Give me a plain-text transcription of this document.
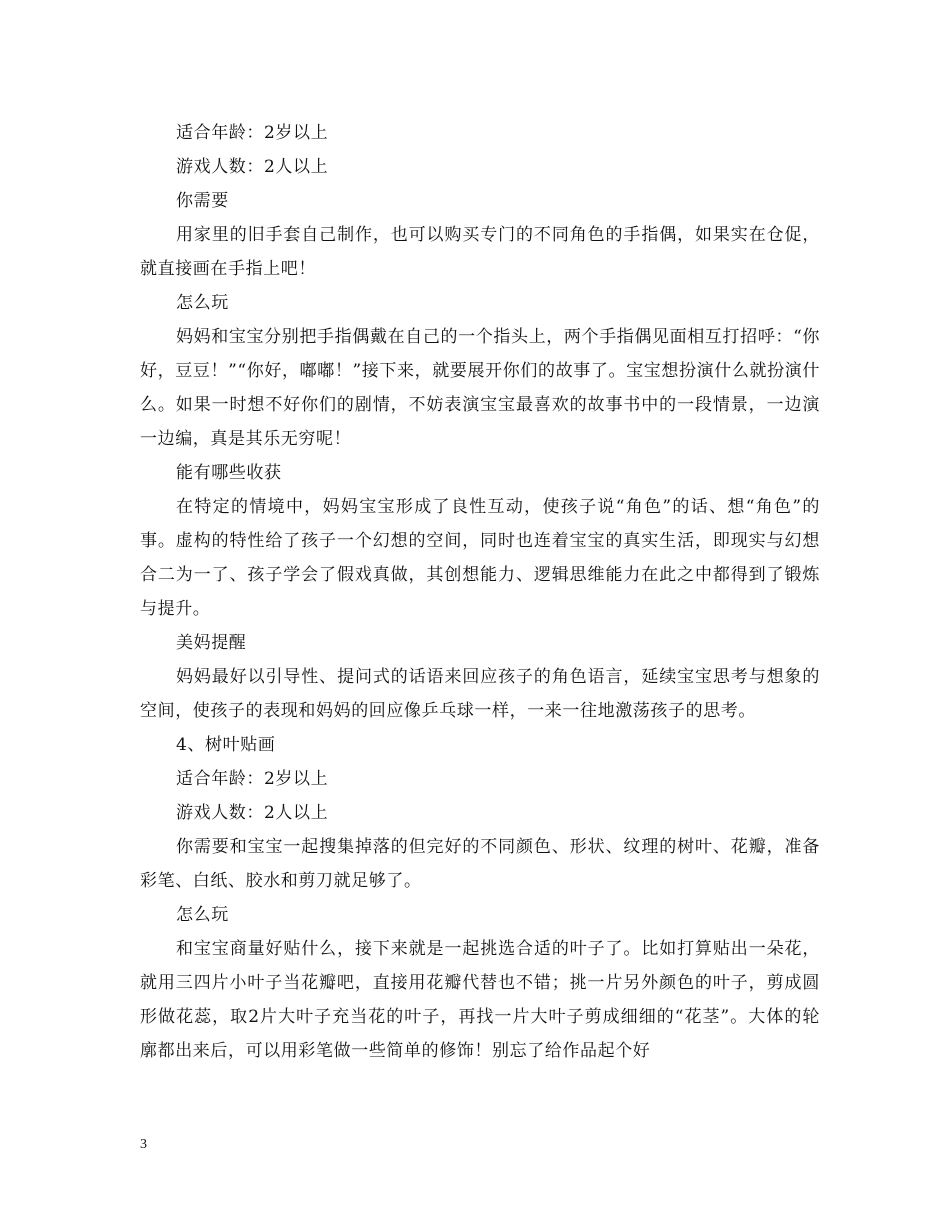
适合年龄：2岁以上

游戏人数：2人以上

你需要

用家里的旧手套自己制作，也可以购买专门的不同角色的手指偶，如果实在仓促，就直接画在手指上吧！

怎么玩

妈妈和宝宝分别把手指偶戴在自己的一个指头上，两个手指偶见面相互打招呼：“你好，豆豆！”“你好，嘟嘟！”接下来，就要展开你们的故事了。宝宝想扮演什么就扮演什么。如果一时想不好你们的剧情，不妨表演宝宝最喜欢的故事书中的一段情景，一边演一边编，真是其乐无穷呢！

能有哪些收获

在特定的情境中，妈妈宝宝形成了良性互动，使孩子说“角色”的话、想“角色”的事。虚构的特性给了孩子一个幻想的空间，同时也连着宝宝的真实生活，即现实与幻想合二为一了、孩子学会了假戏真做，其创想能力、逻辑思维能力在此之中都得到了锻炼与提升。

美妈提醒

妈妈最好以引导性、提问式的话语来回应孩子的角色语言，延续宝宝思考与想象的空间，使孩子的表现和妈妈的回应像乒乓球一样，一来一往地激荡孩子的思考。

4、树叶贴画

适合年龄：2岁以上

游戏人数：2人以上

你需要和宝宝一起搜集掉落的但完好的不同颜色、形状、纹理的树叶、花瓣，准备彩笔、白纸、胶水和剪刀就足够了。

怎么玩

和宝宝商量好贴什么，接下来就是一起挑选合适的叶子了。比如打算贴出一朵花，就用三四片小叶子当花瓣吧，直接用花瓣代替也不错；挑一片另外颜色的叶子，剪成圆形做花蕊，取2片大叶子充当花的叶子，再找一片大叶子剪成细细的“花茎”。大体的轮廓都出来后，可以用彩笔做一些简单的修饰！别忘了给作品起个好

3
